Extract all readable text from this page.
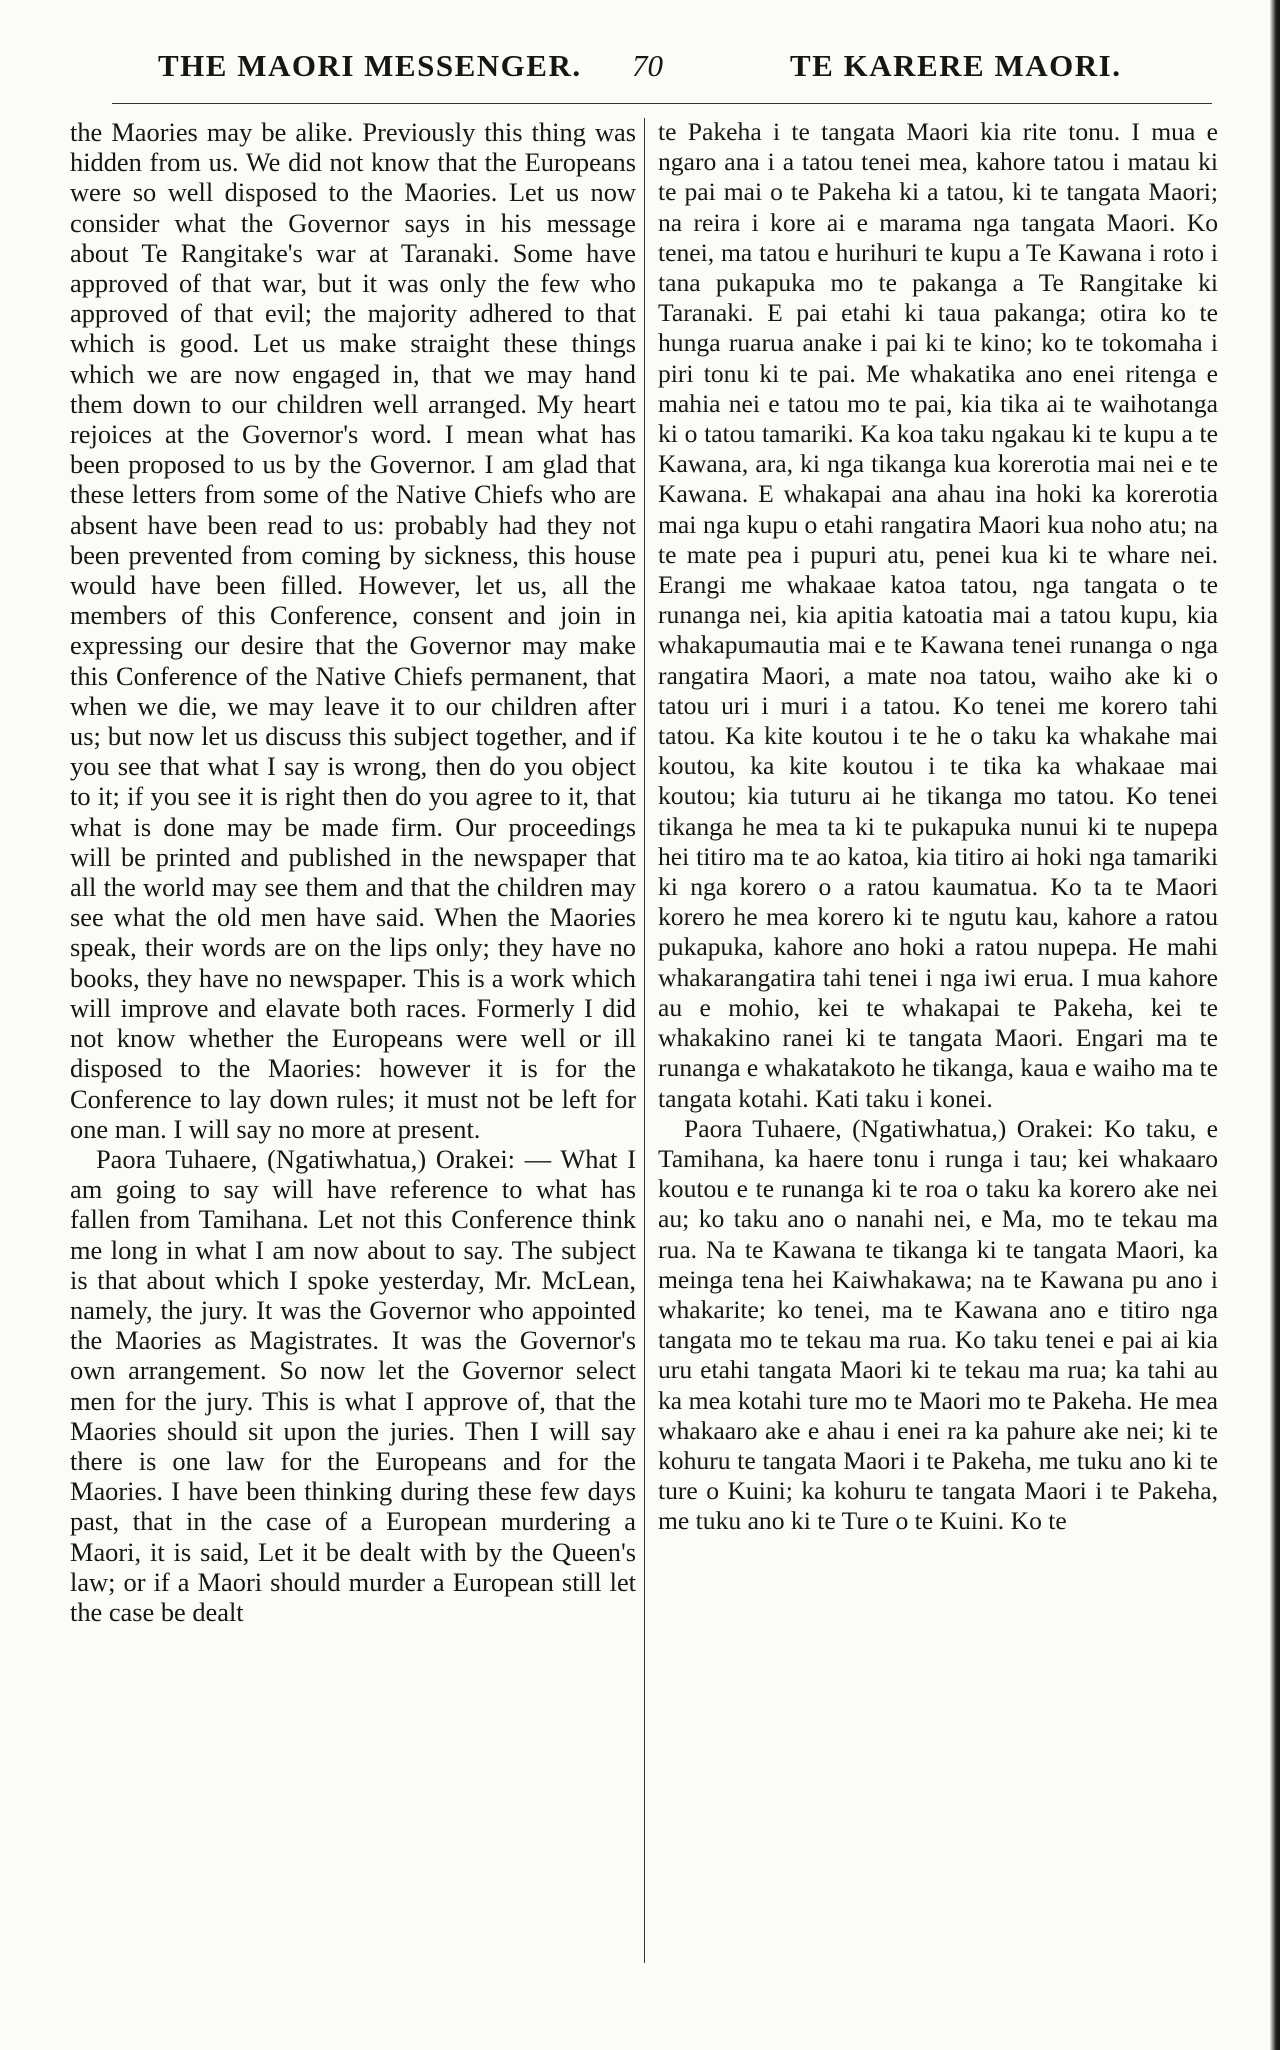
THE MAORI MESSENGER. 70	TE KARERE MAORI.

the Maories may be alike. Previously this thing was hidden from us. We did not know that the Europeans were so well disposed to the Maories. Let us now consider what the Governor says in his message about Te Rangitake's war at Taranaki. Some have approved of that war, but it was only the few who approved of that evil; the majority adhered to that which is good. Let us make straight these things which we are now engaged in, that we may hand them down to our children well arranged. My heart rejoices at the Governor's word. I mean what has been proposed to us by the Governor. I am glad that these letters from some of the Native Chiefs who are absent have been read to us: probably had they not been prevented from coming by sickness, this house would have been filled. However, let us, all the members of this Conference, consent and join in expressing our desire that the Governor may make this Conference of the Native Chiefs permanent, that when we die, we may leave it to our children after us; but now let us discuss this subject together, and if you see that what I say is wrong, then do you object to it; if you see it is right then do you agree to it, that what is done may be made firm. Our proceedings will be printed and published in the newspaper that all the world may see them and that the children may see what the old men have said. When the Maories speak, their words are on the lips only; they have no books, they have no newspaper. This is a work which will improve and elavate both races. Formerly I did not know whether the Europeans were well or ill disposed to the Maories: however it is for the Conference to lay down rules; it must not be left for one man. I will say no more at present.

Paora Tuhaere, (Ngatiwhatua,) Orakei: — What I am going to say will have reference to what has fallen from Tamihana. Let not this Conference think me long in what I am now about to say. The subject is that about which I spoke yesterday, Mr. McLean, namely, the jury. It was the Governor who appointed the Maories as Magistrates. It was the Governor's own arrangement. So now let the Governor select men for the jury. This is what I approve of, that the Maories should sit upon the juries. Then I will say there is one law for the Europeans and for the Maories. I have been thinking during these few days past, that in the case of a European murdering a Maori, it is said, Let it be dealt with by the Queen's law; or if a Maori should murder a European still let the case be dealt

te Pakeha i te tangata Maori kia rite tonu. I mua e ngaro ana i a tatou tenei mea, kahore tatou i matau ki te pai mai o te Pakeha ki a tatou, ki te tangata Maori; na reira i kore ai e marama nga tangata Maori. Ko tenei, ma tatou e hurihuri te kupu a Te Kawana i roto i tana pukapuka mo te pakanga a Te Rangitake ki Taranaki. E pai etahi ki taua pakanga; otira ko te hunga ruarua anake i pai ki te kino; ko te tokomaha i piri tonu ki te pai. Me whakatika ano enei ritenga e mahia nei e tatou mo te pai, kia tika ai te waihotanga ki o tatou tamariki. Ka koa taku ngakau ki te kupu a te Kawana, ara, ki nga tikanga kua korerotia mai nei e te Kawana. E whakapai ana ahau ina hoki ka korerotia mai nga kupu o etahi rangatira Maori kua noho atu; na te mate pea i pupuri atu, penei kua ki te whare nei. Erangi me whakaae katoa tatou, nga tangata o te runanga nei, kia apitia katoatia mai a tatou kupu, kia whakapumautia mai e te Kawana tenei runanga o nga rangatira Maori, a mate noa tatou, waiho ake ki o tatou uri i muri i a tatou. Ko tenei me korero tahi tatou. Ka kite koutou i te he o taku ka whakahe mai koutou, ka kite koutou i te tika ka whakaae mai koutou; kia tuturu ai he tikanga mo tatou. Ko tenei tikanga he mea ta ki te pukapuka nunui ki te nupepa hei titiro ma te ao katoa, kia titiro ai hoki nga tamariki ki nga korero o a ratou kaumatua. Ko ta te Maori korero he mea korero ki te ngutu kau, kahore a ratou pukapuka, kahore ano hoki a ratou nupepa. He mahi whakarangatira tahi tenei i nga iwi erua. I mua kahore au e mohio, kei te whakapai te Pakeha, kei te whakakino ranei ki te tangata Maori. Engari ma te runanga e whakatakoto he tikanga, kaua e waiho ma te tangata kotahi. Kati taku i konei.

Paora Tuhaere, (Ngatiwhatua,) Orakei: Ko taku, e Tamihana, ka haere tonu i runga i tau; kei whakaaro koutou e te runanga ki te roa o taku ka korero ake nei au; ko taku ano o nanahi nei, e Ma, mo te tekau ma rua. Na te Kawana te tikanga ki te tangata Maori, ka meinga tena hei Kaiwhakawa; na te Kawana pu ano i whakarite; ko tenei, ma te Kawana ano e titiro nga tangata mo te tekau ma rua. Ko taku tenei e pai ai kia uru etahi tangata Maori ki te tekau ma rua; ka tahi au ka mea kotahi ture mo te Maori mo te Pakeha. He mea whakaaro ake e ahau i enei ra ka pahure ake nei; ki te kohuru te tangata Maori i te Pakeha, me tuku ano ki te ture o Kuini; ka kohuru te tangata Maori i te Pakeha, me tuku ano ki te Ture o te Kuini. Ko te
